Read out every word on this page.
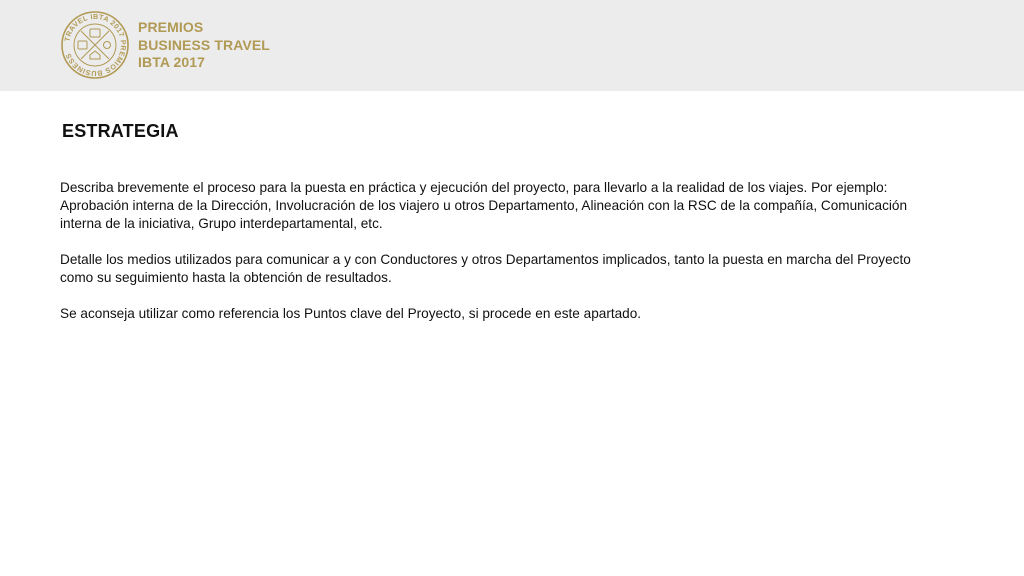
TRAVEL IBTA 2017 PREMIOS BUSINESS
PREMIOS
BUSINESS TRAVEL
IBTA 2017
ESTRATEGIA

Describa brevemente el proceso para la puesta en práctica y ejecución del proyecto, para llevarlo a la realidad de los viajes. Por ejemplo: Aprobación interna de la Dirección, Involucración de los viajero u otros Departamento, Alineación con la RSC de la compañía, Comunicación interna de la iniciativa, Grupo interdepartamental, etc.

Detalle los medios utilizados para comunicar a y con Conductores y otros Departamentos implicados, tanto la puesta en marcha del Proyecto como su seguimiento hasta la obtención de resultados.

Se aconseja utilizar como referencia los Puntos clave del Proyecto, si procede en este apartado.
